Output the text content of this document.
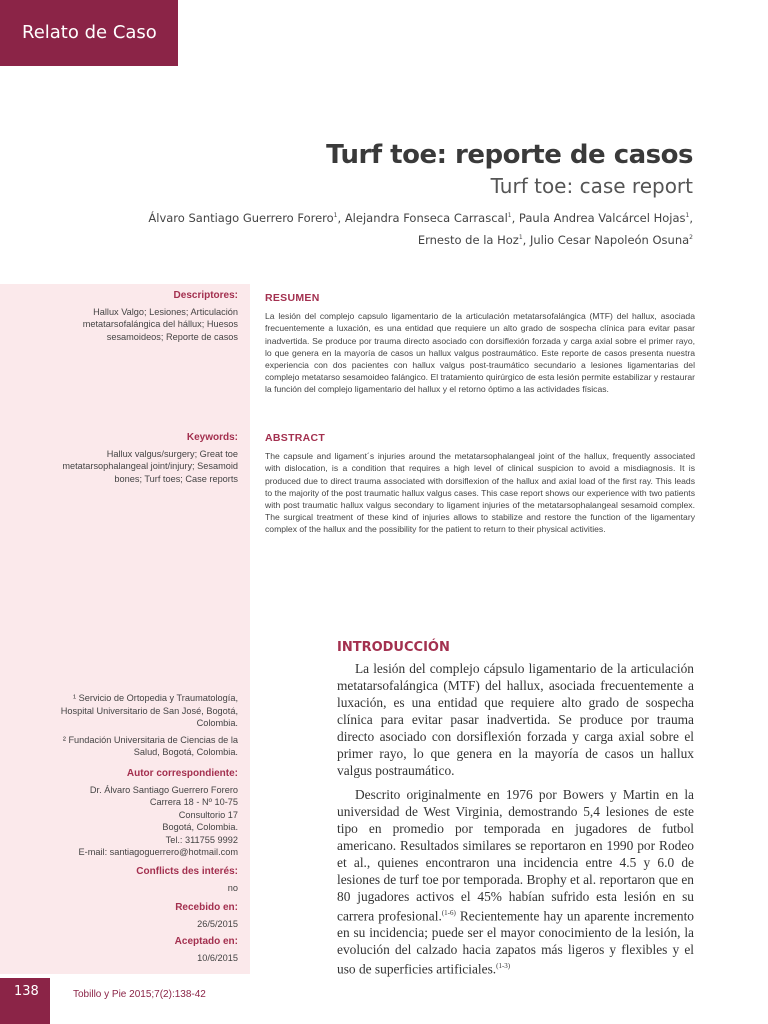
Relato de Caso
Turf toe: reporte de casos
Turf toe: case report
Álvaro Santiago Guerrero Forero$^1$, Alejandra Fonseca Carrascal$^1$, Paula Andrea Valcárcel Hojas$^1$,
Ernesto de la Hoz$^1$, Julio Cesar Napoleón Osuna$^2$
Descriptores:

Hallux Valgo; Lesiones; Articulación metatarsofalángica del hállux; Huesos sesamoideos; Reporte de casos

Keywords:

Hallux valgus/surgery; Great toe metatarsophalangeal joint/injury; Sesamoid bones; Turf toes; Case reports

¹ Servicio de Ortopedia y Traumatología, Hospital Universitario de San José, Bogotá, Colombia.

² Fundación Universitaria de Ciencias de la Salud, Bogotá, Colombia.

Autor correspondiente:

Dr. Álvaro Santiago Guerrero Forero

Carrera 18 - Nº 10-75

Consultorio 17

Bogotá, Colombia.

Tel.: 311755 9992

E-mail: santiagoguerrero@hotmail.com

Conflicts des interés:

no

Recebido en:

26/5/2015

Aceptado en:

10/6/2015

RESUMEN

La lesión del complejo capsulo ligamentario de la articulación metatarsofalángica (MTF) del hallux, asociada frecuentemente a luxación, es una entidad que requiere un alto grado de sospecha clínica para evitar pasar inadvertida. Se produce por trauma directo asociado con dorsiflexión forzada y carga axial sobre el primer rayo, lo que genera en la mayoría de casos un hallux valgus postraumático. Este reporte de casos presenta nuestra experiencia con dos pacientes con hallux valgus post-traumático secundario a lesiones ligamentarias del complejo metatarso sesamoideo falángico. El tratamiento quirúrgico de esta lesión permite estabilizar y restaurar la función del complejo ligamentario del hallux y el retorno óptimo a las actividades físicas.

ABSTRACT

The capsule and ligament´s injuries around the metatarsophalangeal joint of the hallux, frequently associated with dislocation, is a condition that requires a high level of clinical suspicion to avoid a misdiagnosis. It is produced due to direct trauma associated with dorsiflexion of the hallux and axial load of the first ray. This leads to the majority of the post traumatic hallux valgus cases. This case report shows our experience with two patients with post traumatic hallux valgus secondary to ligament injuries of the metatarsophalangeal sesamoid complex. The surgical treatment of these kind of injuries allows to stabilize and restore the function of the ligamentary complex of the hallux and the possibility for the patient to return to their physical activities.

INTRODUCCIÓN

La lesión del complejo cápsulo ligamentario de la articulación metatarsofalángica (MTF) del hallux, asociada frecuentemente a luxación, es una entidad que requiere alto grado de sospecha clínica para evitar pasar inadvertida. Se produce por trauma directo asociado con dorsiflexión forzada y carga axial sobre el primer rayo, lo que genera en la mayoría de casos un hallux valgus postraumático.

Descrito originalmente en 1976 por Bowers y Martin en la universidad de West Virginia, demostrando 5,4 lesiones de este tipo en promedio por temporada en jugadores de futbol americano. Resultados similares se reportaron en 1990 por Rodeo et al., quienes encontraron una incidencia entre 4.5 y 6.0 de lesiones de turf toe por temporada. Brophy et al. reportaron que en 80 jugadores activos el 45% habían sufrido esta lesión en su carrera profesional.$^{(1-6)}$ Recientemente hay un aparente incremento en su incidencia; puede ser el mayor conocimiento de la lesión, la evolución del calzado hacia zapatos más ligeros y flexibles y el uso de superficies artificiales.$^{(1-3)}$

138	Tobillo y Pie 2015;7(2):138-42
